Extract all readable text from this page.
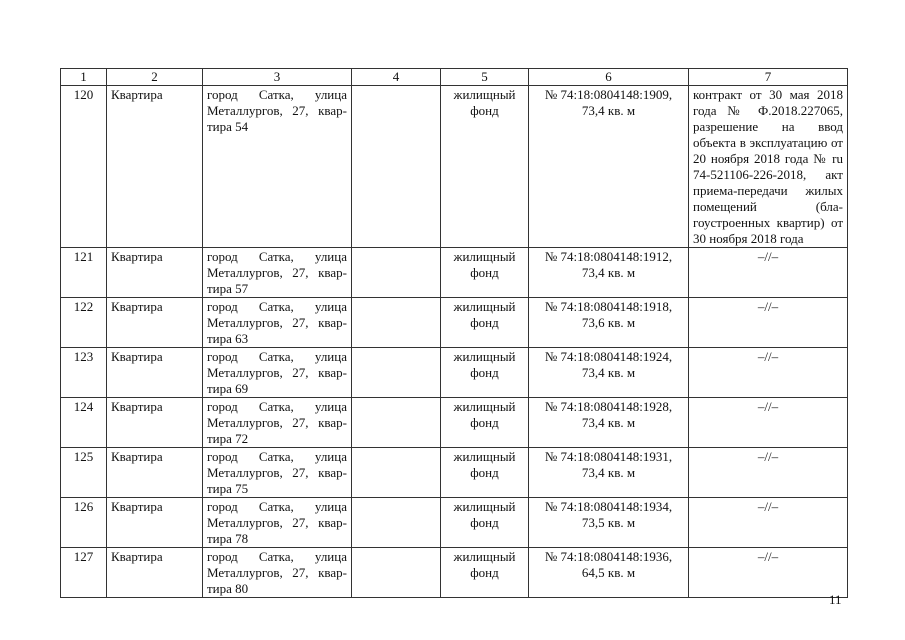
1	2	3	4	5	6	7
120	Квартира	город Сатка, улица Металлургов, 27, квартира 54		жилищный фонд	№ 74:18:0804148:1909, 73,4 кв. м	контракт от 30 мая 2018 года № Ф.2018.227065, разрешение на ввод объекта в эксплуатацию от 20 ноября 2018 года № ru 74-521106-226-2018, акт приема-передачи жилых помещений (благоустроенных квартир) от 30 ноября 2018 года
121	Квартира	город Сатка, улица Металлургов, 27, квартира 57		жилищный фонд	№ 74:18:0804148:1912, 73,4 кв. м	–//–
122	Квартира	город Сатка, улица Металлургов, 27, квартира 63		жилищный фонд	№ 74:18:0804148:1918, 73,6 кв. м	–//–
123	Квартира	город Сатка, улица Металлургов, 27, квартира 69		жилищный фонд	№ 74:18:0804148:1924, 73,4 кв. м	–//–
124	Квартира	город Сатка, улица Металлургов, 27, квартира 72		жилищный фонд	№ 74:18:0804148:1928, 73,4 кв. м	–//–
125	Квартира	город Сатка, улица Металлургов, 27, квартира 75		жилищный фонд	№ 74:18:0804148:1931, 73,4 кв. м	–//–
126	Квартира	город Сатка, улица Металлургов, 27, квартира 78		жилищный фонд	№ 74:18:0804148:1934, 73,5 кв. м	–//–
127	Квартира	город Сатка, улица Металлургов, 27, квартира 80		жилищный фонд	№ 74:18:0804148:1936, 64,5 кв. м	–//–
11
